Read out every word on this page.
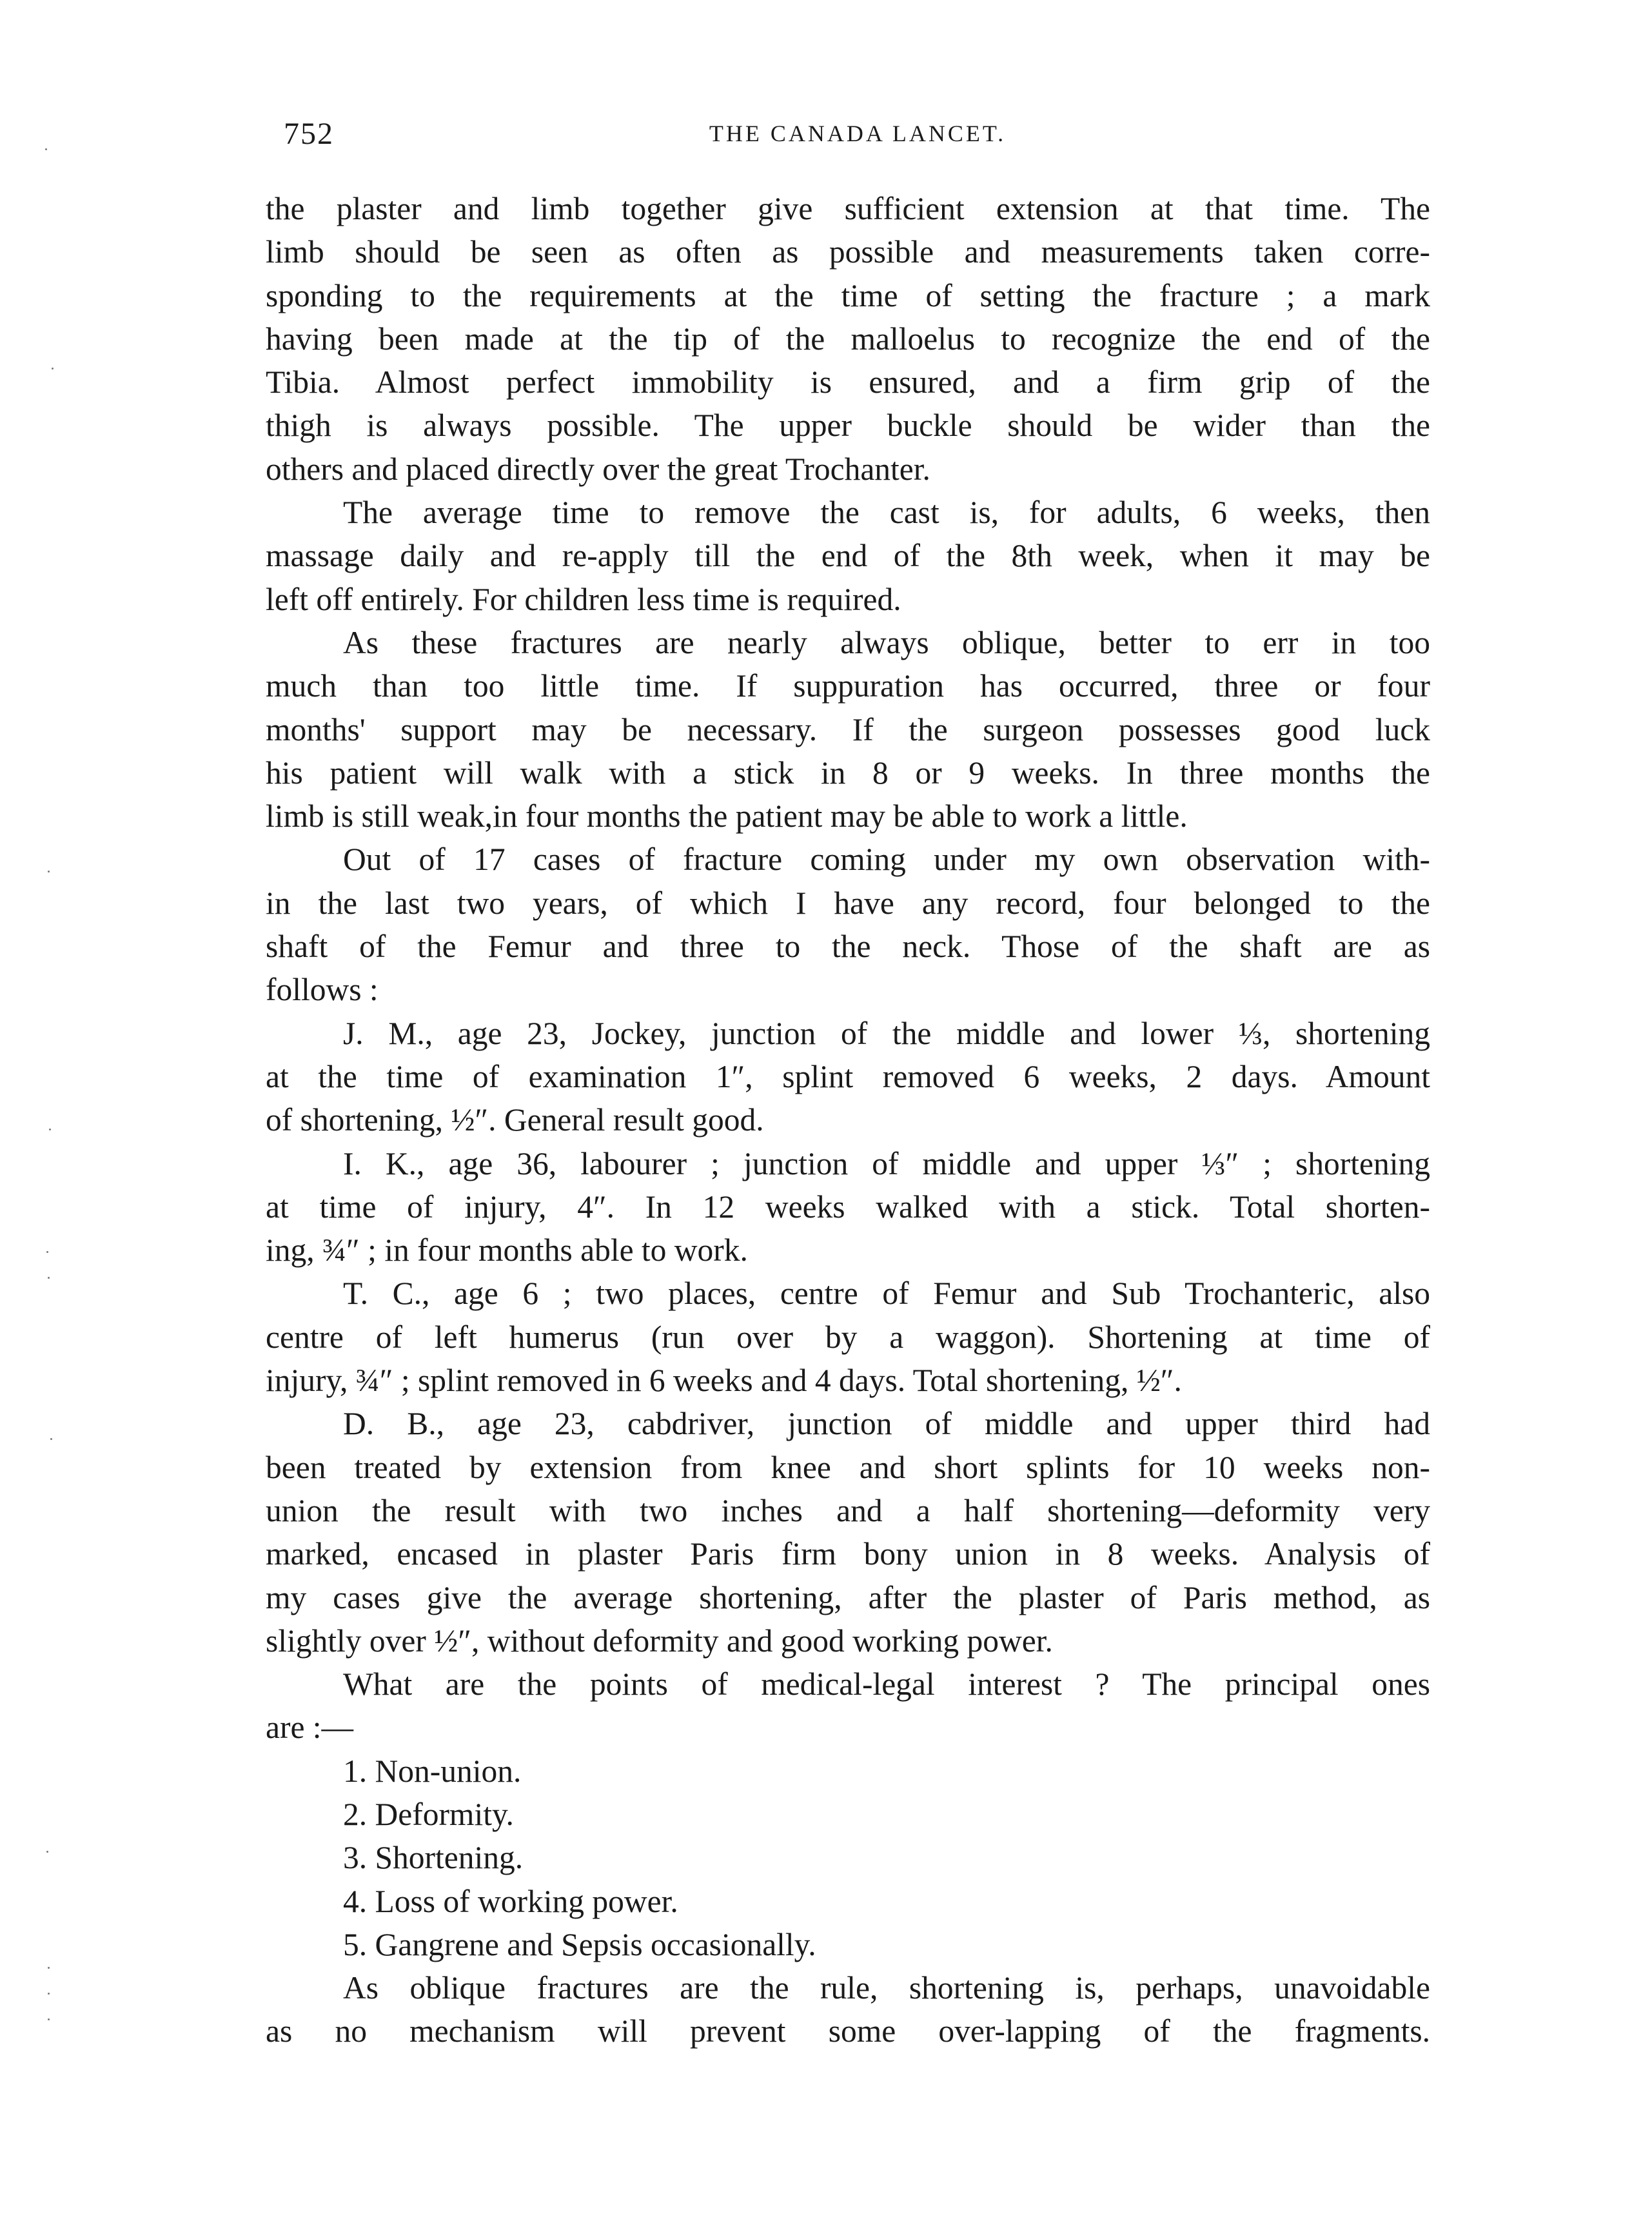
752	THE CANADA LANCET.
the plaster and limb together give sufficient extension at that time. The
limb should be seen as often as possible and measurements taken corre-
sponding to the requirements at the time of setting the fracture ; a mark
having been made at the tip of the malloelus to recognize the end of the
Tibia. Almost perfect immobility is ensured, and a firm grip of the
thigh is always possible. The upper buckle should be wider than the
others and placed directly over the great Trochanter.
The average time to remove the cast is, for adults, 6 weeks, then
massage daily and re-apply till the end of the 8th week, when it may be
left off entirely. For children less time is required.
As these fractures are nearly always oblique, better to err in too
much than too little time. If suppuration has occurred, three or four
months' support may be necessary. If the surgeon possesses good luck
his patient will walk with a stick in 8 or 9 weeks. In three months the
limb is still weak,in four months the patient may be able to work a little.
Out of 17 cases of fracture coming under my own observation with-
in the last two years, of which I have any record, four belonged to the
shaft of the Femur and three to the neck. Those of the shaft are as
follows :
J. M., age 23, Jockey, junction of the middle and lower ⅓, shortening
at the time of examination 1″, splint removed 6 weeks, 2 days. Amount
of shortening, ½″. General result good.
I. K., age 36, labourer ; junction of middle and upper ⅓″ ; shortening
at time of injury, 4″. In 12 weeks walked with a stick. Total shorten-
ing, ¾″ ; in four months able to work.
T. C., age 6 ; two places, centre of Femur and Sub Trochanteric, also
centre of left humerus (run over by a waggon). Shortening at time of
injury, ¾″ ; splint removed in 6 weeks and 4 days. Total shortening, ½″.
D. B., age 23, cabdriver, junction of middle and upper third had
been treated by extension from knee and short splints for 10 weeks non-
union the result with two inches and a half shortening—deformity very
marked, encased in plaster Paris firm bony union in 8 weeks. Analysis of
my cases give the average shortening, after the plaster of Paris method, as
slightly over ½″, without deformity and good working power.
What are the points of medical-legal interest ? The principal ones
are :—
1. Non-union.
2. Deformity.
3. Shortening.
4. Loss of working power.
5. Gangrene and Sepsis occasionally.
As oblique fractures are the rule, shortening is, perhaps, unavoidable
as no mechanism will prevent some over-lapping of the fragments.
